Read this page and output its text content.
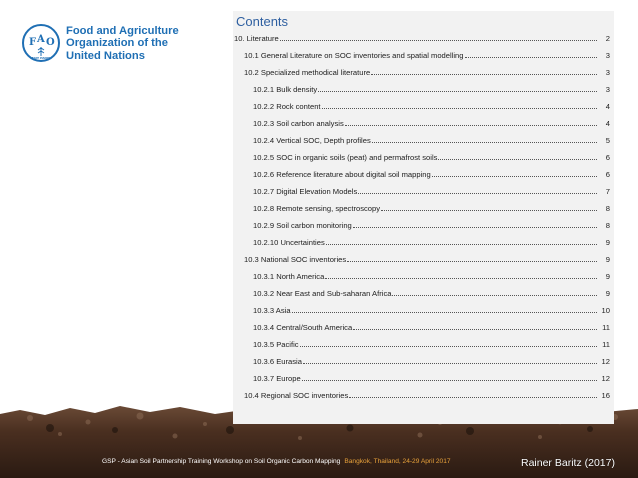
F A O
FIAT PANIS
Food and Agriculture
Organization of the
United Nations
Contents
10. Literature	2
10.1 General Literature on SOC inventories and spatial modelling	3
10.2 Specialized methodical literature	3
10.2.1 Bulk density	3
10.2.2 Rock content	4
10.2.3 Soil carbon analysis	4
10.2.4 Vertical SOC, Depth profiles	5
10.2.5 SOC in organic soils (peat) and permafrost soils	6
10.2.6 Reference literature about digital soil mapping	6
10.2.7 Digital Elevation Models	7
10.2.8 Remote sensing, spectroscopy	8
10.2.9 Soil carbon monitoring	8
10.2.10 Uncertainties	9
10.3 National SOC inventories	9
10.3.1 North America	9
10.3.2 Near East and Sub-saharan Africa	9
10.3.3 Asia	10
10.3.4 Central/South America	11
10.3.5 Pacific	11
10.3.6 Eurasia	12
10.3.7 Europe	12
10.4 Regional SOC inventories	16
GSP - Asian Soil Partnership Training Workshop on Soil Organic Carbon Mapping Bangkok, Thailand, 24-29 April 2017	Rainer Baritz (2017)
